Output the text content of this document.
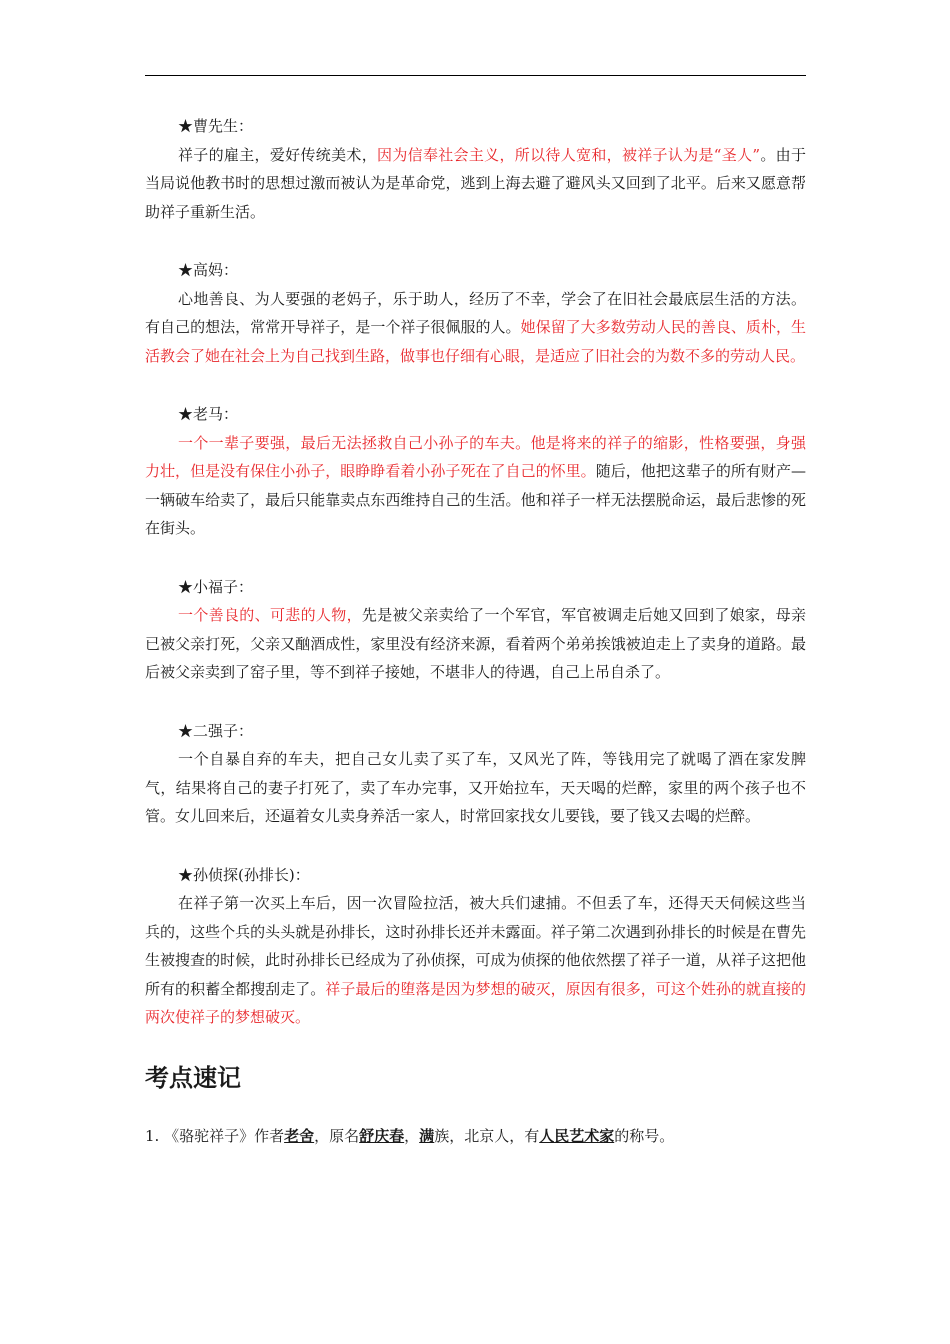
★曹先生：

祥子的雇主，爱好传统美术，因为信奉社会主义，所以待人宽和，被祥子认为是“圣人”。由于当局说他教书时的思想过激而被认为是革命党，逃到上海去避了避风头又回到了北平。后来又愿意帮助祥子重新生活。

★高妈：

心地善良、为人要强的老妈子，乐于助人，经历了不幸，学会了在旧社会最底层生活的方法。有自己的想法，常常开导祥子，是一个祥子很佩服的人。她保留了大多数劳动人民的善良、质朴，生活教会了她在社会上为自己找到生路，做事也仔细有心眼，是适应了旧社会的为数不多的劳动人民。

★老马：

一个一辈子要强，最后无法拯救自己小孙子的车夫。他是将来的祥子的缩影，性格要强，身强力壮，但是没有保住小孙子，眼睁睁看着小孙子死在了自己的怀里。随后，他把这辈子的所有财产—一辆破车给卖了，最后只能靠卖点东西维持自己的生活。他和祥子一样无法摆脱命运，最后悲惨的死在街头。

★小福子：

一个善良的、可悲的人物，先是被父亲卖给了一个军官，军官被调走后她又回到了娘家，母亲已被父亲打死，父亲又酗酒成性，家里没有经济来源，看着两个弟弟挨饿被迫走上了卖身的道路。最后被父亲卖到了窑子里，等不到祥子接她，不堪非人的待遇，自己上吊自杀了。

★二强子：

一个自暴自弃的车夫，把自己女儿卖了买了车，又风光了阵，等钱用完了就喝了酒在家发脾气，结果将自己的妻子打死了，卖了车办完事，又开始拉车，天天喝的烂醉，家里的两个孩子也不管。女儿回来后，还逼着女儿卖身养活一家人，时常回家找女儿要钱，要了钱又去喝的烂醉。

★孙侦探(孙排长)：

在祥子第一次买上车后，因一次冒险拉活，被大兵们逮捕。不但丢了车，还得天天伺候这些当兵的，这些个兵的头头就是孙排长，这时孙排长还并未露面。祥子第二次遇到孙排长的时候是在曹先生被搜查的时候，此时孙排长已经成为了孙侦探，可成为侦探的他依然摆了祥子一道，从祥子这把他所有的积蓄全都搜刮走了。祥子最后的堕落是因为梦想的破灭，原因有很多，可这个姓孙的就直接的两次使祥子的梦想破灭。

考点速记
1. 《骆驼祥子》作者老舍，原名舒庆春，满族，北京人，有人民艺术家的称号。
